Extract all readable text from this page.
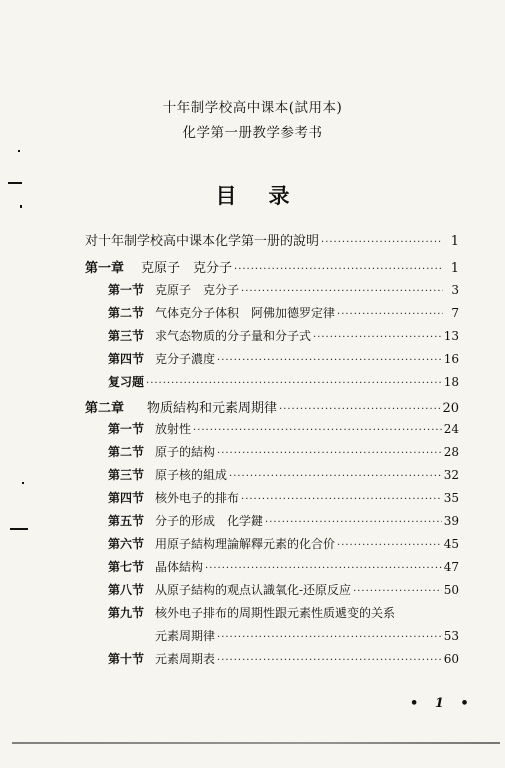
十年制学校高中课本(試用本)
化学第一册教学参考书
目 录
对十年制学校高中课本化学第一册的說明 ·····	1
第一章	克原子　克分子 ·····	1
第一节 克原子　克分子 ·····	3
第二节 气体克分子体积　阿佛加德罗定律 ·····	7
第三节 求气态物质的分子量和分子式 ·····	13
第四节 克分子濃度 ·····	16
复习题 ·····	18
第二章	物质結构和元素周期律 ·····	20
第一节 放射性 ·····	24
第二节 原子的結构 ·····	28
第三节 原子核的組成 ·····	32
第四节 核外电子的排布 ·····	35
第五节 分子的形成　化学鍵 ·····	39
第六节 用原子結构理論解釋元素的化合价 ·····	45
第七节 晶体結构 ·····	47
第八节 从原子結构的观点认識氧化-还原反应 ·····	50
第九节 核外电子排布的周期性跟元素性质遞变的关系
元素周期律 ·····	53
第十节 元素周期表 ·····	60
• 1 •
